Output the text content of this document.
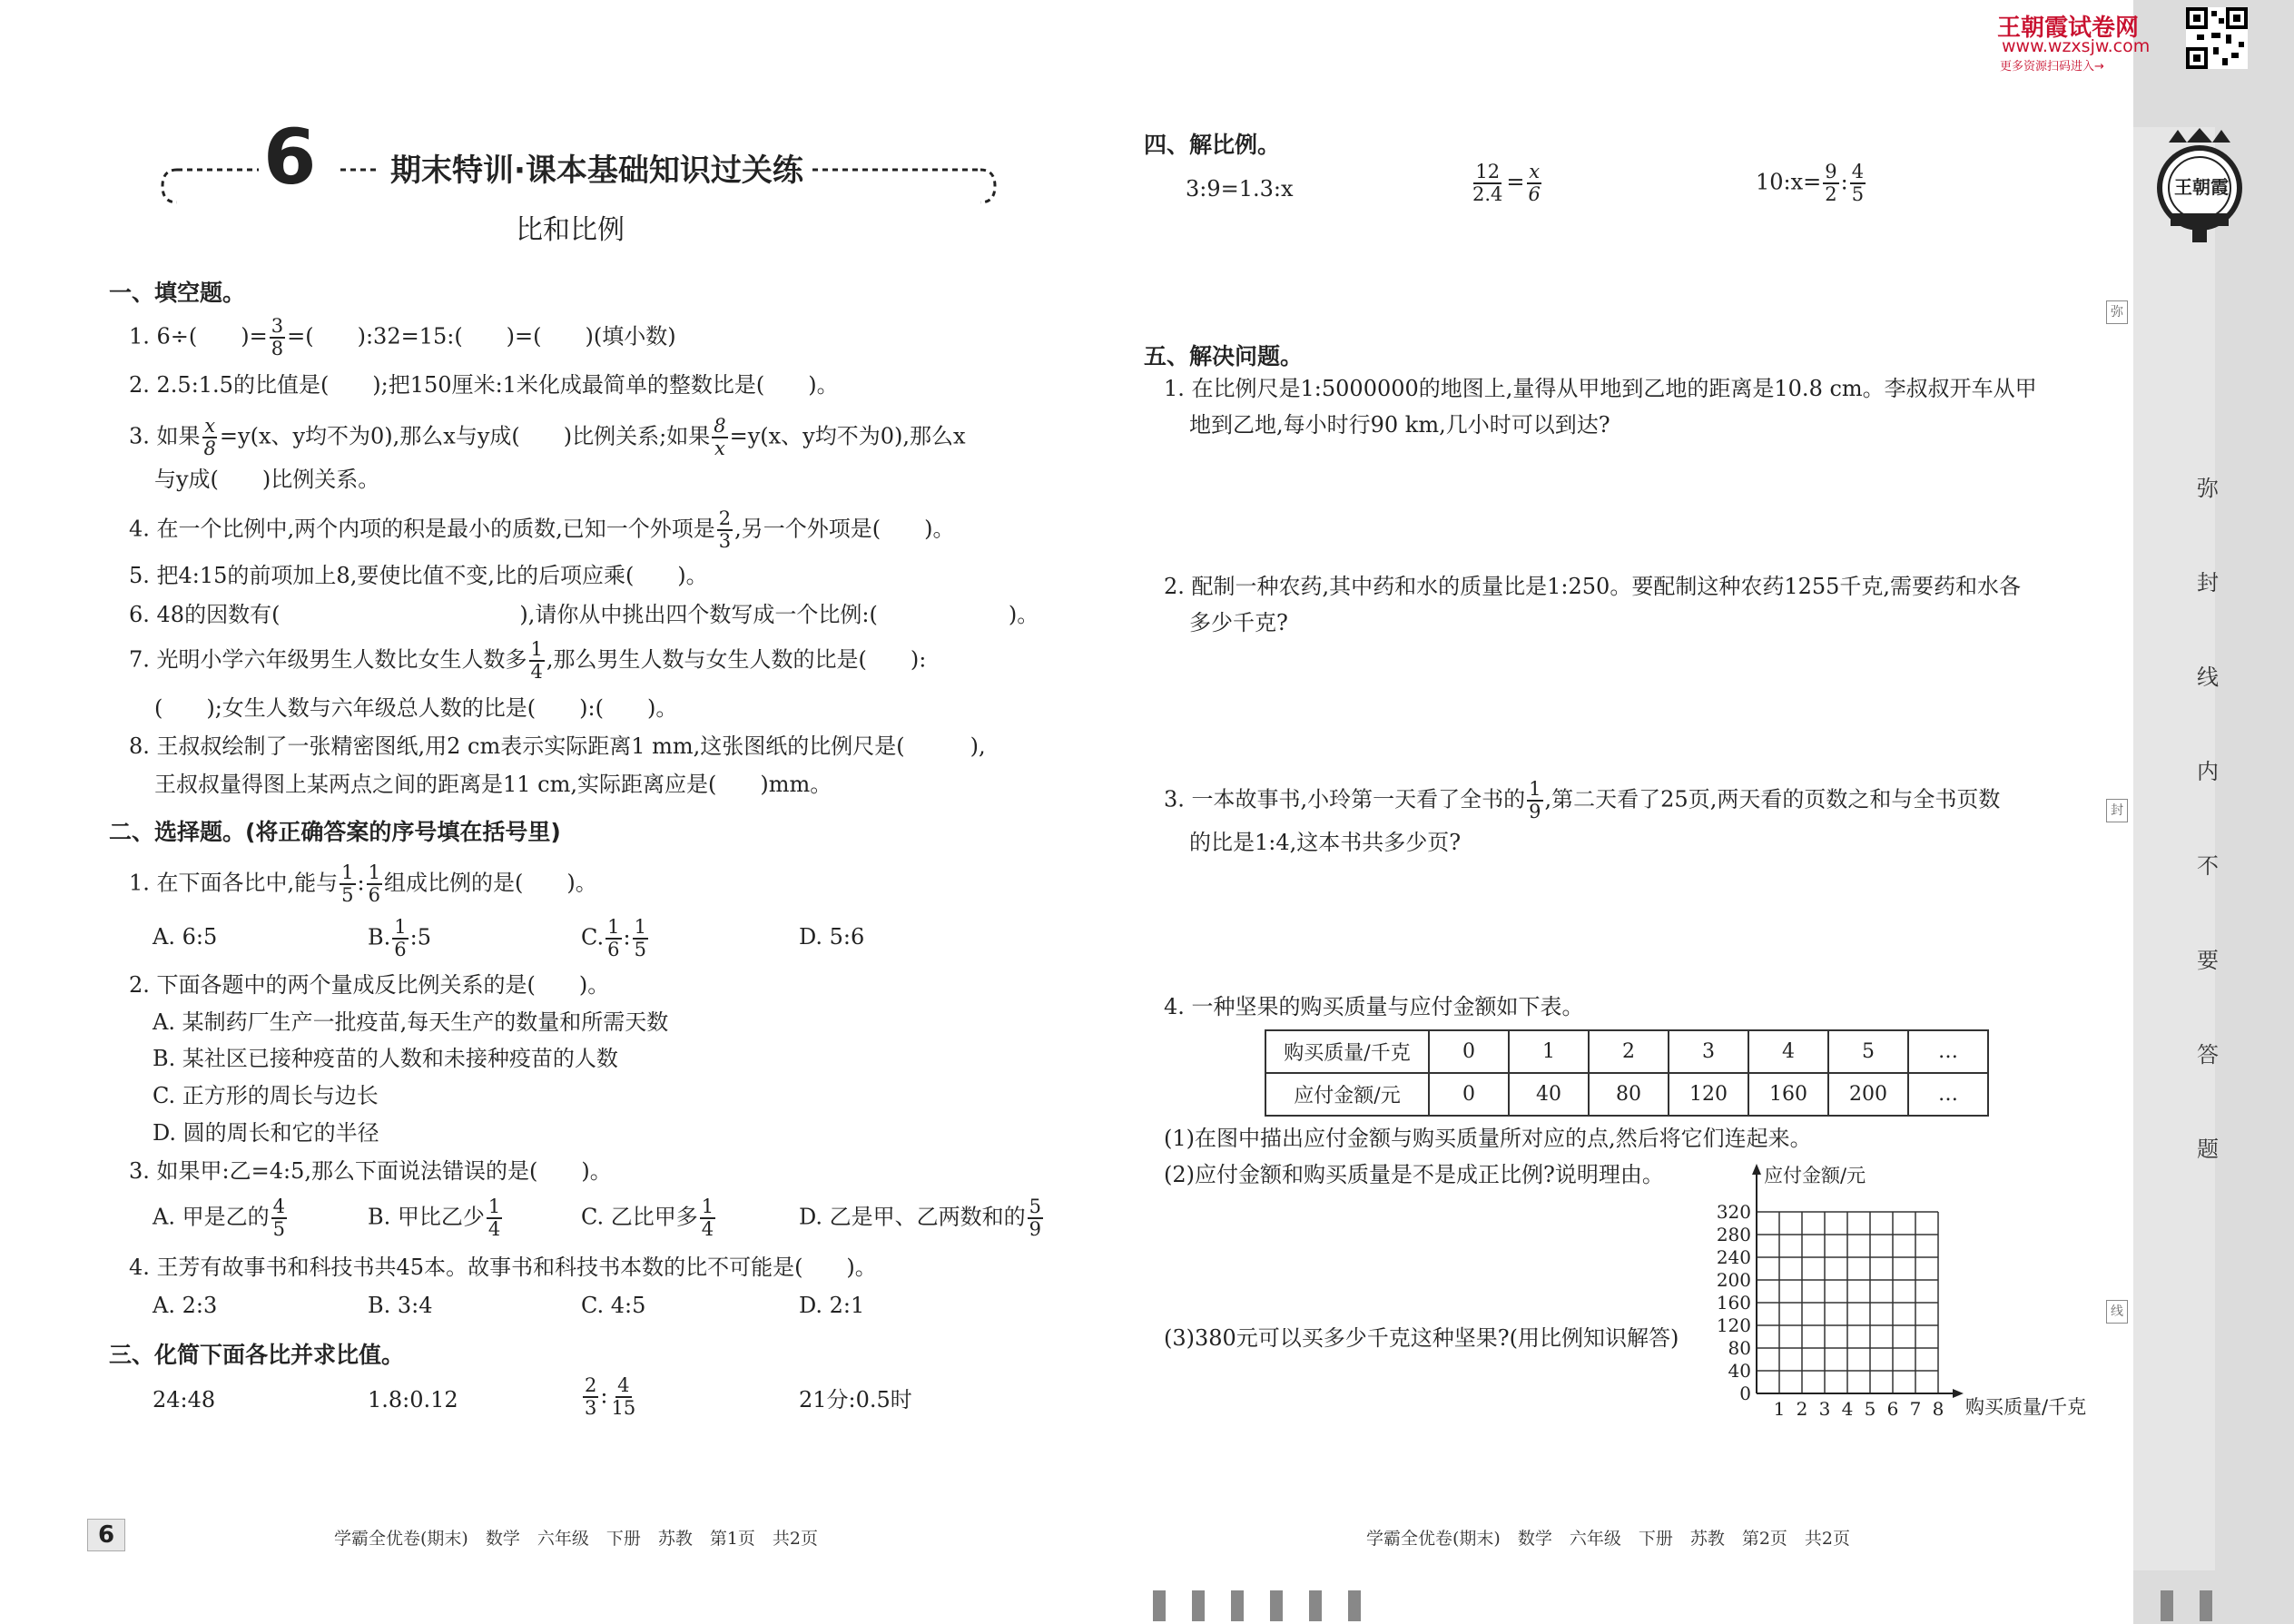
弥
封
线
内
不
要
答
题
弥
封
线
王朝霞试卷网
www.wzxsjw.com
更多资源扫码进入→
王朝霞
6 期末特训·课本基础知识过关练
比和比例
一、填空题。
1. 6÷(　　)= $\frac{3}{8}$ =(　　):32=15:(　　)=(　　)(填小数)
2. 2.5:1.5的比值是(　　);把150厘米:1米化成最简单的整数比是(　　)。
3. 如果 $\frac{x}{8} =y(x$、y均不为0),那么x与y成(　　)比例关系;如果 $\frac{8}{x} =y(x$、y均不为0),那么x
与y成(　　)比例关系。
4. 在一个比例中,两个内项的积是最小的质数,已知一个外项是 $\frac{2}{3}$ ,另一个外项是(　　)。
5. 把4:15的前项加上8,要使比值不变,比的后项应乘(　　)。
6. 48的因数有(　　　　　　　　　　　),请你从中挑出四个数写成一个比例:(　　　　　　)。
7. 光明小学六年级男生人数比女生人数多 $\frac{1}{4}$ ,那么男生人数与女生人数的比是(　　):
(　　);女生人数与六年级总人数的比是(　　):(　　)。
8. 王叔叔绘制了一张精密图纸,用2 cm表示实际距离1 mm,这张图纸的比例尺是(　　　),
王叔叔量得图上某两点之间的距离是11 cm,实际距离应是(　　)mm。
二、选择题。(将正确答案的序号填在括号里)
1. 在下面各比中,能与 $\frac{1}{5}$ : $\frac{1}{6}$ 组成比例的是(　　)。
A. 6:5	B. $\frac{1}{6}$ :5	C. $\frac{1}{6}$ : $\frac{1}{5}$	D. 5:6
2. 下面各题中的两个量成反比例关系的是(　　)。
A. 某制药厂生产一批疫苗,每天生产的数量和所需天数
B. 某社区已接种疫苗的人数和未接种疫苗的人数
C. 正方形的周长与边长
D. 圆的周长和它的半径
3. 如果甲:乙=4:5,那么下面说法错误的是(　　)。
A. 甲是乙的 $\frac{4}{5}$	B. 甲比乙少 $\frac{1}{4}$	C. 乙比甲多 $\frac{1}{4}$	D. 乙是甲、乙两数和的 $\frac{5}{9}$
4. 王芳有故事书和科技书共45本。故事书和科技书本数的比不可能是(　　)。
A. 2:3	B. 3:4	C. 4:5	D. 2:1
三、化简下面各比并求比值。
24:48	1.8:0.12	$\frac{2}{3}$ : $\frac{4}{15}$	21分:0.5时
6	学霸全优卷(期末)　数学　六年级　下册　苏教　第1页　共2页
四、解比例。
3:9=1.3:x	$\frac{12}{2.4} = \frac{x}{6}$	10:x= $\frac{9}{2}$ : $\frac{4}{5}$
五、解决问题。
1. 在比例尺是1:5000000的地图上,量得从甲地到乙地的距离是10.8 cm。李叔叔开车从甲
地到乙地,每小时行90 km,几小时可以到达?
2. 配制一种农药,其中药和水的质量比是1:250。要配制这种农药1255千克,需要药和水各
多少千克?
3. 一本故事书,小玲第一天看了全书的 $\frac{1}{9}$ ,第二天看了25页,两天看的页数之和与全书页数
的比是1:4,这本书共多少页?
4. 一种坚果的购买质量与应付金额如下表。
购买质量/千克	0	1	2	3	4	5	…
应付金额/元	0	40	80	120	160	200	…
(1)在图中描出应付金额与购买质量所对应的点,然后将它们连起来。
(2)应付金额和购买质量是不是成正比例?说明理由。
(3)380元可以买多少千克这种坚果?(用比例知识解答)
0
40
80
120
160
200
240
280
320
1 2 3 4 5 6 7 8
应付金额/元
购买质量/千克
学霸全优卷(期末)　数学　六年级　下册　苏教　第2页　共2页
